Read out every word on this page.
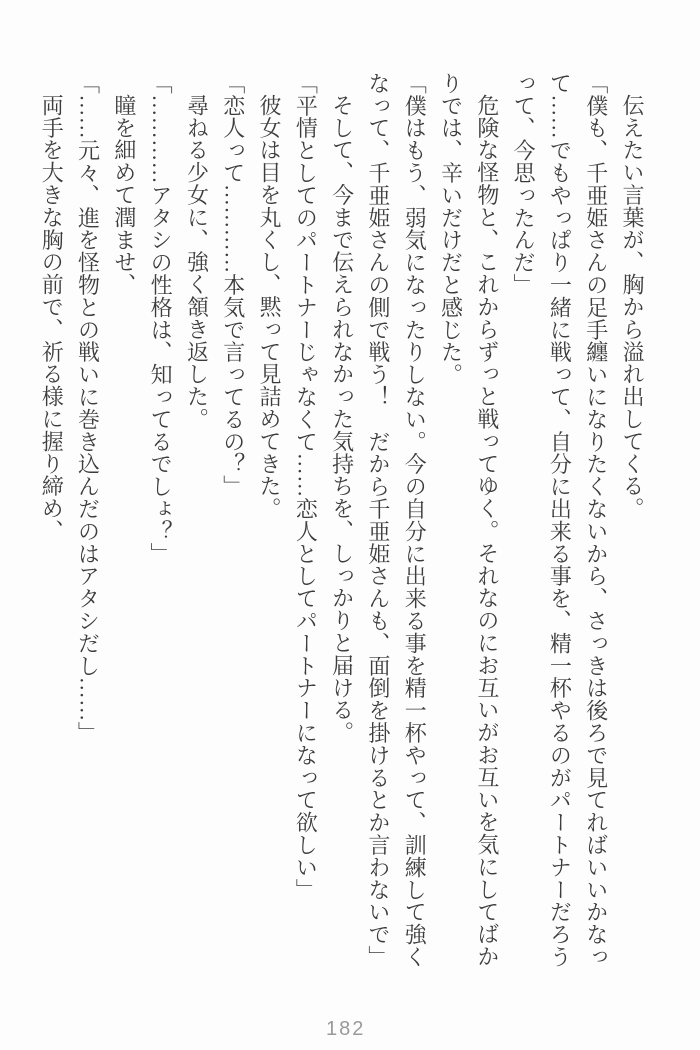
伝えたい言葉が、胸から溢れ出してくる。

「僕も、千亜姫さんの足手纏いになりたくないから、さっきは後ろで見てればいいかなっ

て……でもやっぱり一緒に戦って、自分に出来る事を、精一杯やるのがパートナーだろう

って、今思ったんだ」

危険な怪物と、これからずっと戦ってゆく。それなのにお互いがお互いを気にしてばか

りでは、辛いだけだと感じた。

「僕はもう、弱気になったりしない。今の自分に出来る事を精一杯やって、訓練して強く

なって、千亜姫さんの側で戦う！　だから千亜姫さんも、面倒を掛けるとか言わないで」

そして、今まで伝えられなかった気持ちを、しっかりと届ける。

「平情としてのパートナーじゃなくて……恋人としてパートナーになって欲しい」

彼女は目を丸くし、黙って見詰めてきた。

「恋人って…………本気で言ってるの？」

尋ねる少女に、強く頷き返した。

「…………アタシの性格は、知ってるでしょ？」

瞳を細めて潤ませ、

「……元々、進を怪物との戦いに巻き込んだのはアタシだし……」

両手を大きな胸の前で、祈る様に握り締め、

182
